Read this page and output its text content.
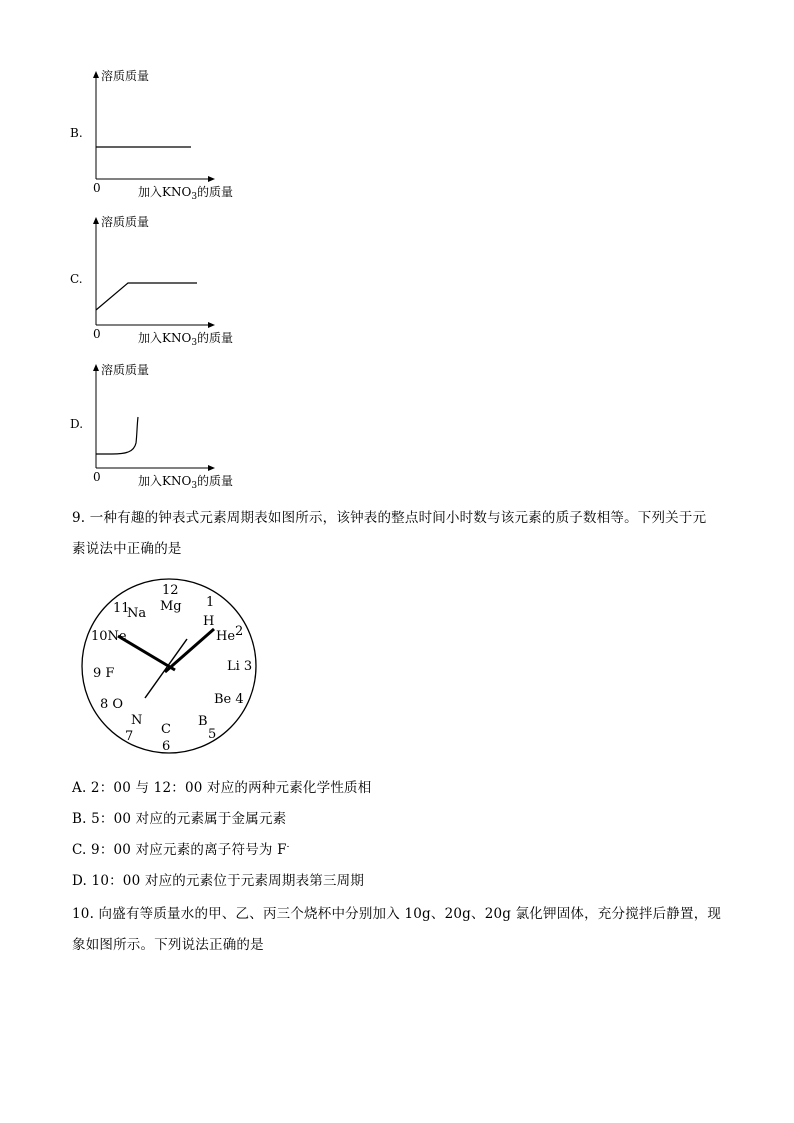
B.
溶质质量
0	加入$KNO_3$的质量
C.
溶质质量
0	加入$KNO_3$的质量
D.
溶质质量
0	加入$KNO_3$的质量
9. 一种有趣的钟表式元素周期表如图所示，该钟表的整点时间小时数与该元素的质子数相等。下列关于元
素说法中正确的是
12
Mg 1
H
He 2
Li 3
Be 4
B
5
C
6
N
7
8 O
9 F
10Ne
11
Na
A. 2：00 与 12：00 对应的两种元素化学性质相
B. 5：00 对应的元素属于金属元素
C. 9：00 对应元素的离子符号为 F-
D. 10：00 对应的元素位于元素周期表第三周期
10. 向盛有等质量水的甲、乙、丙三个烧杯中分别加入 10g、20g、20g 氯化钾固体，充分搅拌后静置，现
象如图所示。下列说法正确的是
